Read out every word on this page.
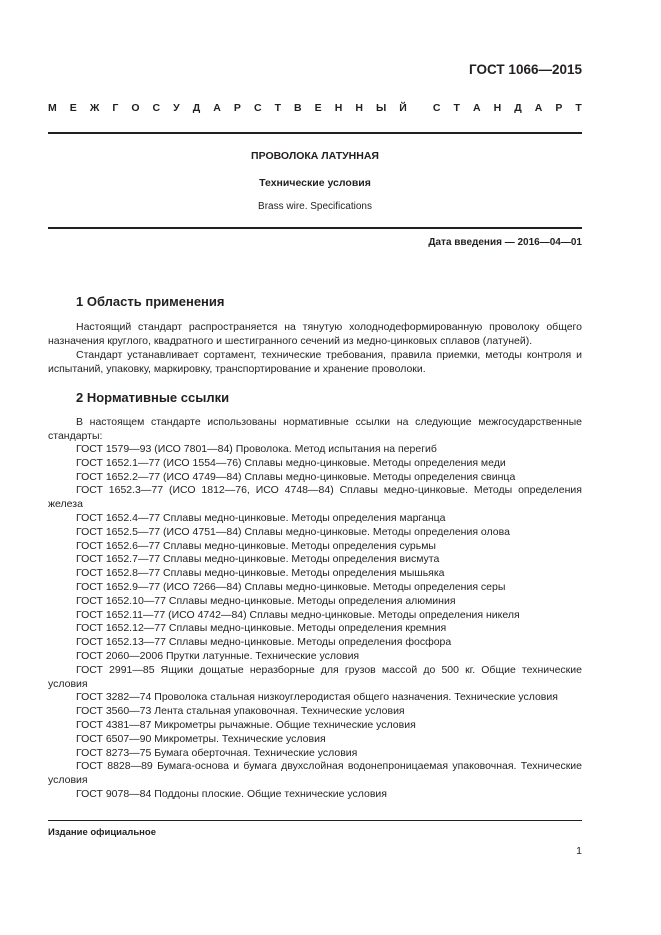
ГОСТ 1066—2015
М Е Ж Г О С У Д А Р С Т В Е Н Н Ы Й С Т А Н Д А Р Т
ПРОВОЛОКА ЛАТУННАЯ
Технические условия
Brass wire. Specifications
Дата введения — 2016—04—01
1 Область применения
Настоящий стандарт распространяется на тянутую холоднодеформированную проволоку общего назначения круглого, квадратного и шестигранного сечений из медно-цинковых сплавов (латуней).
Стандарт устанавливает сортамент, технические требования, правила приемки, методы контроля и испытаний, упаковку, маркировку, транспортирование и хранение проволоки.
2 Нормативные ссылки
В настоящем стандарте использованы нормативные ссылки на следующие межгосударственные стандарты:
ГОСТ 1579—93 (ИСО 7801—84) Проволока. Метод испытания на перегиб
ГОСТ 1652.1—77 (ИСО 1554—76) Сплавы медно-цинковые. Методы определения меди
ГОСТ 1652.2—77 (ИСО 4749—84) Сплавы медно-цинковые. Методы определения свинца
ГОСТ 1652.3—77 (ИСО 1812—76, ИСО 4748—84) Сплавы медно-цинковые. Методы определения железа
ГОСТ 1652.4—77 Сплавы медно-цинковые. Методы определения марганца
ГОСТ 1652.5—77 (ИСО 4751—84) Сплавы медно-цинковые. Методы определения олова
ГОСТ 1652.6—77 Сплавы медно-цинковые. Методы определения сурьмы
ГОСТ 1652.7—77 Сплавы медно-цинковые. Методы определения висмута
ГОСТ 1652.8—77 Сплавы медно-цинковые. Методы определения мышьяка
ГОСТ 1652.9—77 (ИСО 7266—84) Сплавы медно-цинковые. Методы определения серы
ГОСТ 1652.10—77 Сплавы медно-цинковые. Методы определения алюминия
ГОСТ 1652.11—77 (ИСО 4742—84) Сплавы медно-цинковые. Методы определения никеля
ГОСТ 1652.12—77 Сплавы медно-цинковые. Методы определения кремния
ГОСТ 1652.13—77 Сплавы медно-цинковые. Методы определения фосфора
ГОСТ 2060—2006 Прутки латунные. Технические условия
ГОСТ 2991—85 Ящики дощатые неразборные для грузов массой до 500 кг. Общие технические условия
ГОСТ 3282—74 Проволока стальная низкоуглеродистая общего назначения. Технические условия
ГОСТ 3560—73 Лента стальная упаковочная. Технические условия
ГОСТ 4381—87 Микрометры рычажные. Общие технические условия
ГОСТ 6507—90 Микрометры. Технические условия
ГОСТ 8273—75 Бумага оберточная. Технические условия
ГОСТ 8828—89 Бумага-основа и бумага двухслойная водонепроницаемая упаковочная. Технические условия
ГОСТ 9078—84 Поддоны плоские. Общие технические условия
Издание официальное
1
